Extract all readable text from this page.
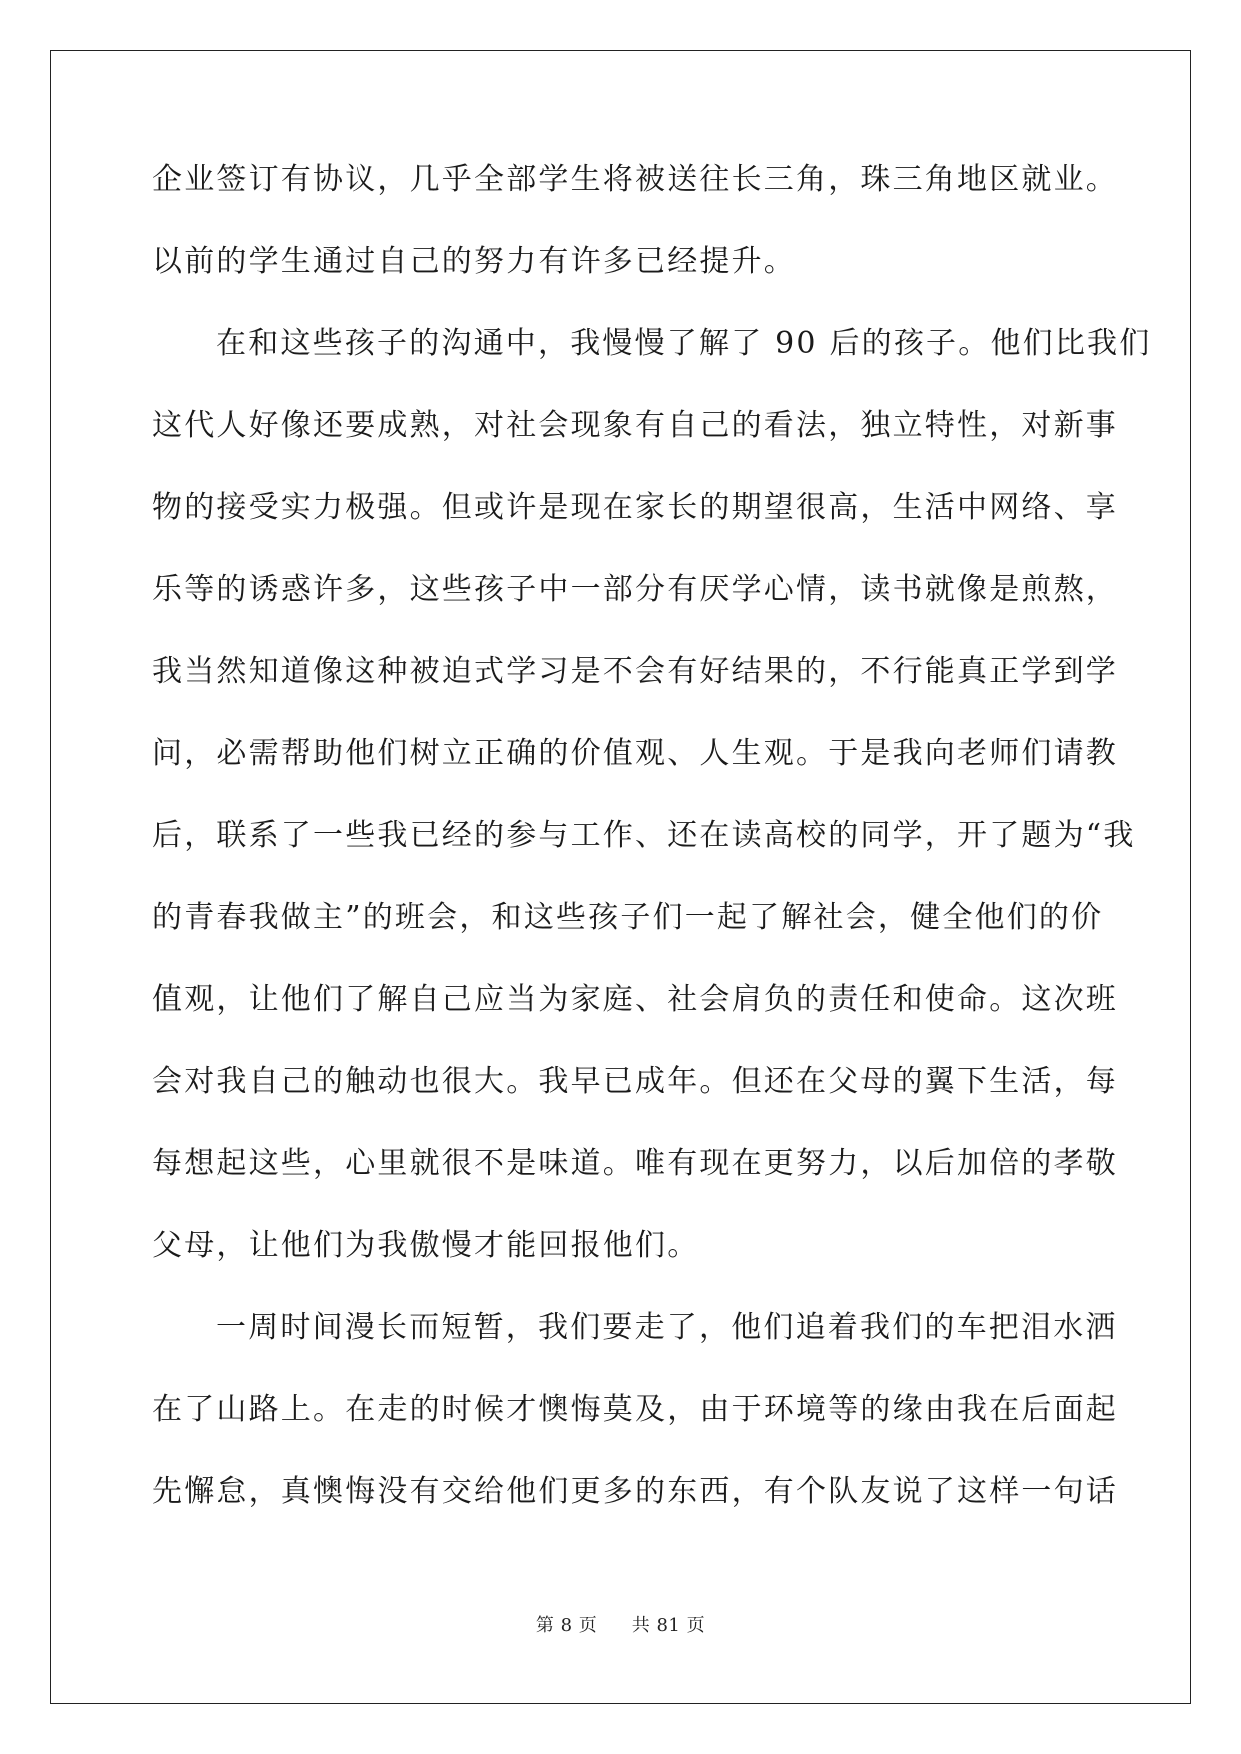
企业签订有协议，几乎全部学生将被送往长三角，珠三角地区就业。

以前的学生通过自己的努力有许多已经提升。

在和这些孩子的沟通中，我慢慢了解了 90 后的孩子。他们比我们

这代人好像还要成熟，对社会现象有自己的看法，独立特性，对新事

物的接受实力极强。但或许是现在家长的期望很高，生活中网络、享

乐等的诱惑许多，这些孩子中一部分有厌学心情，读书就像是煎熬，

我当然知道像这种被迫式学习是不会有好结果的，不行能真正学到学

问，必需帮助他们树立正确的价值观、人生观。于是我向老师们请教

后，联系了一些我已经的参与工作、还在读高校的同学，开了题为“我

的青春我做主”的班会，和这些孩子们一起了解社会，健全他们的价

值观，让他们了解自己应当为家庭、社会肩负的责任和使命。这次班

会对我自己的触动也很大。我早已成年。但还在父母的翼下生活，每

每想起这些，心里就很不是味道。唯有现在更努力，以后加倍的孝敬

父母，让他们为我傲慢才能回报他们。

一周时间漫长而短暂，我们要走了，他们追着我们的车把泪水洒

在了山路上。在走的时候才懊悔莫及，由于环境等的缘由我在后面起

先懈怠，真懊悔没有交给他们更多的东西，有个队友说了这样一句话

第 8 页 共 81 页
